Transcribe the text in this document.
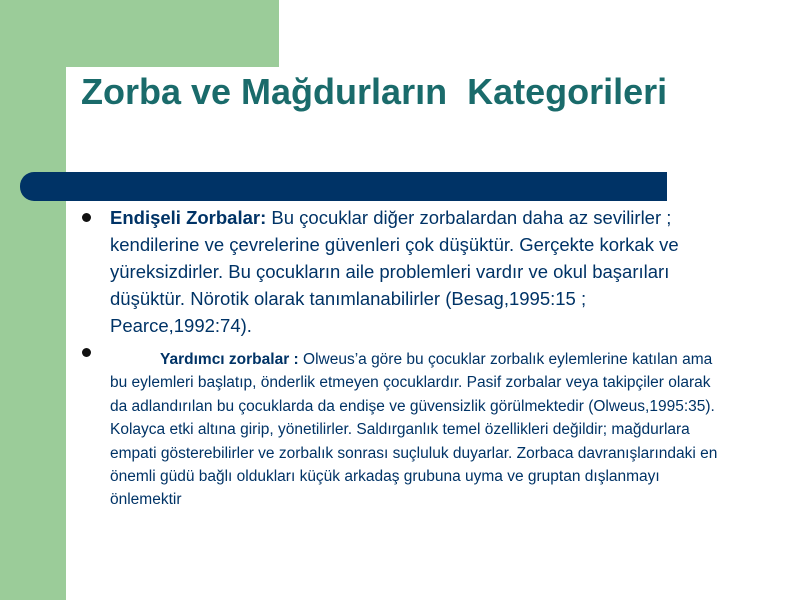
Zorba ve Mağdurların  Kategorileri
Endişeli Zorbalar: Bu çocuklar diğer zorbalardan daha az sevilirler ; kendilerine ve çevrelerine güvenleri çok düşüktür. Gerçekte korkak ve yüreksizdirler. Bu çocukların aile problemleri vardır ve okul başarıları düşüktür. Nörotik olarak tanımlanabilirler (Besag,1995:15 ; Pearce,1992:74).
Yardımcı zorbalar : Olweus’a göre bu çocuklar zorbalık eylemlerine katılan ama bu eylemleri başlatıp, önderlik etmeyen çocuklardır. Pasif zorbalar veya takipçiler olarak da adlandırılan bu çocuklarda da endişe ve güvensizlik görülmektedir (Olweus,1995:35). Kolayca etki altına girip, yönetilirler. Saldırganlık temel özellikleri değildir; mağdurlara empati gösterebilirler ve zorbalık sonrası suçluluk duyarlar. Zorbaca davranışlarındaki en önemli güdü bağlı oldukları küçük arkadaş grubuna uyma ve gruptan dışlanmayı önlemektir
